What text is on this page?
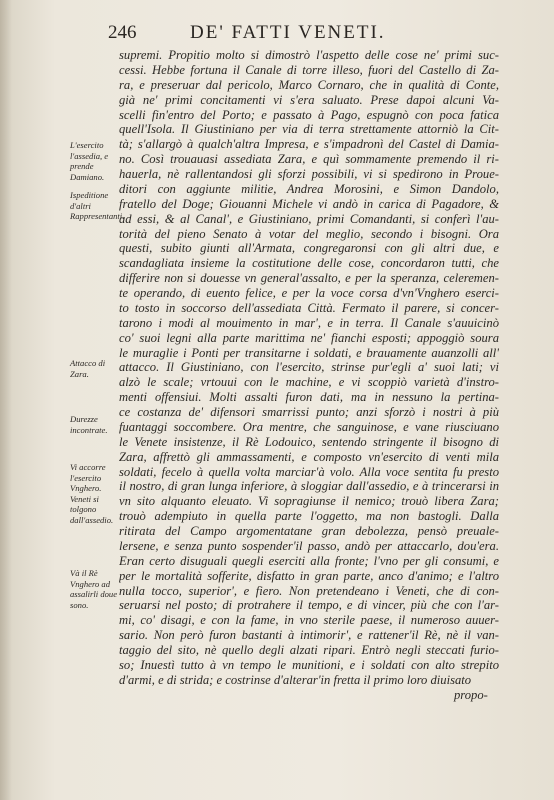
246	DE' FATTI VENETI.
supremi. Propitio molto si dimostrò l'aspetto delle cose ne' primi suc-
cessi. Hebbe fortuna il Canale di torre illeso, fuori del Castello di Za-
ra, e preseruar dal pericolo, Marco Cornaro, che in qualità di Conte,
già ne' primi concitamenti vi s'era saluato. Prese dapoi alcuni Va-
scelli fin'entro del Porto; e passato à Pago, espugnò con poca fatica
quell'Isola. Il Giustiniano per via di terra strettamente attorniò la Cit-
tà; s'allargò à qualch'altra Impresa, e s'impadronì del Castel di Damia-
no. Così trouauasi assediata Zara, e quì sommamente premendo il ri-
hauerla, nè rallentandosi gli sforzi possibili, vi si spedirono in Proue-
ditori con aggiunte militie, Andrea Morosini, e Simon Dandolo,
fratello del Doge; Giouanni Michele vi andò in carica di Pagadore, &
ad essi, & al Canal', e Giustiniano, primi Comandanti, si conferì l'au-
torità del pieno Senato à votar del meglio, secondo i bisogni. Ora
questi, subito giunti all'Armata, congregaronsi con gli altri due, e
scandagliata insieme la costitutione delle cose, concordaron tutti, che
differire non si douesse vn general'assalto, e per la speranza, celeremen-
te operando, di euento felice, e per la voce corsa d'vn'Vnghero eserci-
to tosto in soccorso dell'assediata Città. Fermato il parere, si concer-
tarono i modi al mouimento in mar', e in terra. Il Canale s'auuicinò
co' suoi legni alla parte marittima ne' fianchi esposti; appoggiò soura
le muraglie i Ponti per transitarne i soldati, e brauamente auanzolli all'
attacco. Il Giustiniano, con l'esercito, strinse pur'egli a' suoi lati; vi
alzò le scale; vrtouui con le machine, e vi scoppiò varietà d'instro-
menti offensiui. Molti assalti furon dati, ma in nessuno la pertina-
ce costanza de' difensori smarrissi punto; anzi sforzò i nostri à più
fuantaggi soccombere. Ora mentre, che sanguinose, e vane riusciuano
le Venete insistenze, il Rè Lodouico, sentendo stringente il bisogno di
Zara, affrettò gli ammassamenti, e composto vn'esercito di venti mila
soldati, fecelo à quella volta marciar'à volo. Alla voce sentita fu presto
il nostro, di gran lunga inferiore, à sloggiar dall'assedio, e à trincerarsi in
vn sito alquanto eleuato. Vi sopragiunse il nemico; trouò libera Zara;
trouò adempiuto in quella parte l'oggetto, ma non bastogli. Dalla
ritirata del Campo argomentatane gran debolezza, pensò preuale-
lersene, e senza punto sospender'il passo, andò per attaccarlo, dou'era.
Eran certo disuguali quegli eserciti alla fronte; l'vno per gli consumi, e
per le mortalità sofferite, disfatto in gran parte, anco d'animo; e l'altro
nulla tocco, superior', e fiero. Non pretendeano i Veneti, che di con-
seruarsi nel posto; di protrahere il tempo, e di vincer, più che con l'ar-
mi, co' disagi, e con la fame, in vno sterile paese, il numeroso auuer-
sario. Non però furon bastanti à intimorir', e rattener'il Rè, nè il van-
taggio del sito, nè quello degli alzati ripari. Entrò negli steccati furio-
so; Inuestì tutto à vn tempo le munitioni, e i soldati con alto strepito
d'armi, e di strida; e costrinse d'alterar'in fretta il primo loro diuisato
propo-
L'esercito l'assedia, e prende Damiano.
Ispeditione d'altri Rappresentanti.
Attacco di Zara.
Durezze incontrate.
Vi accorre l'esercito Vnghero. Veneti si tolgono dall'assedio.
Và il Rè Vnghero ad assalirli doue sono.
